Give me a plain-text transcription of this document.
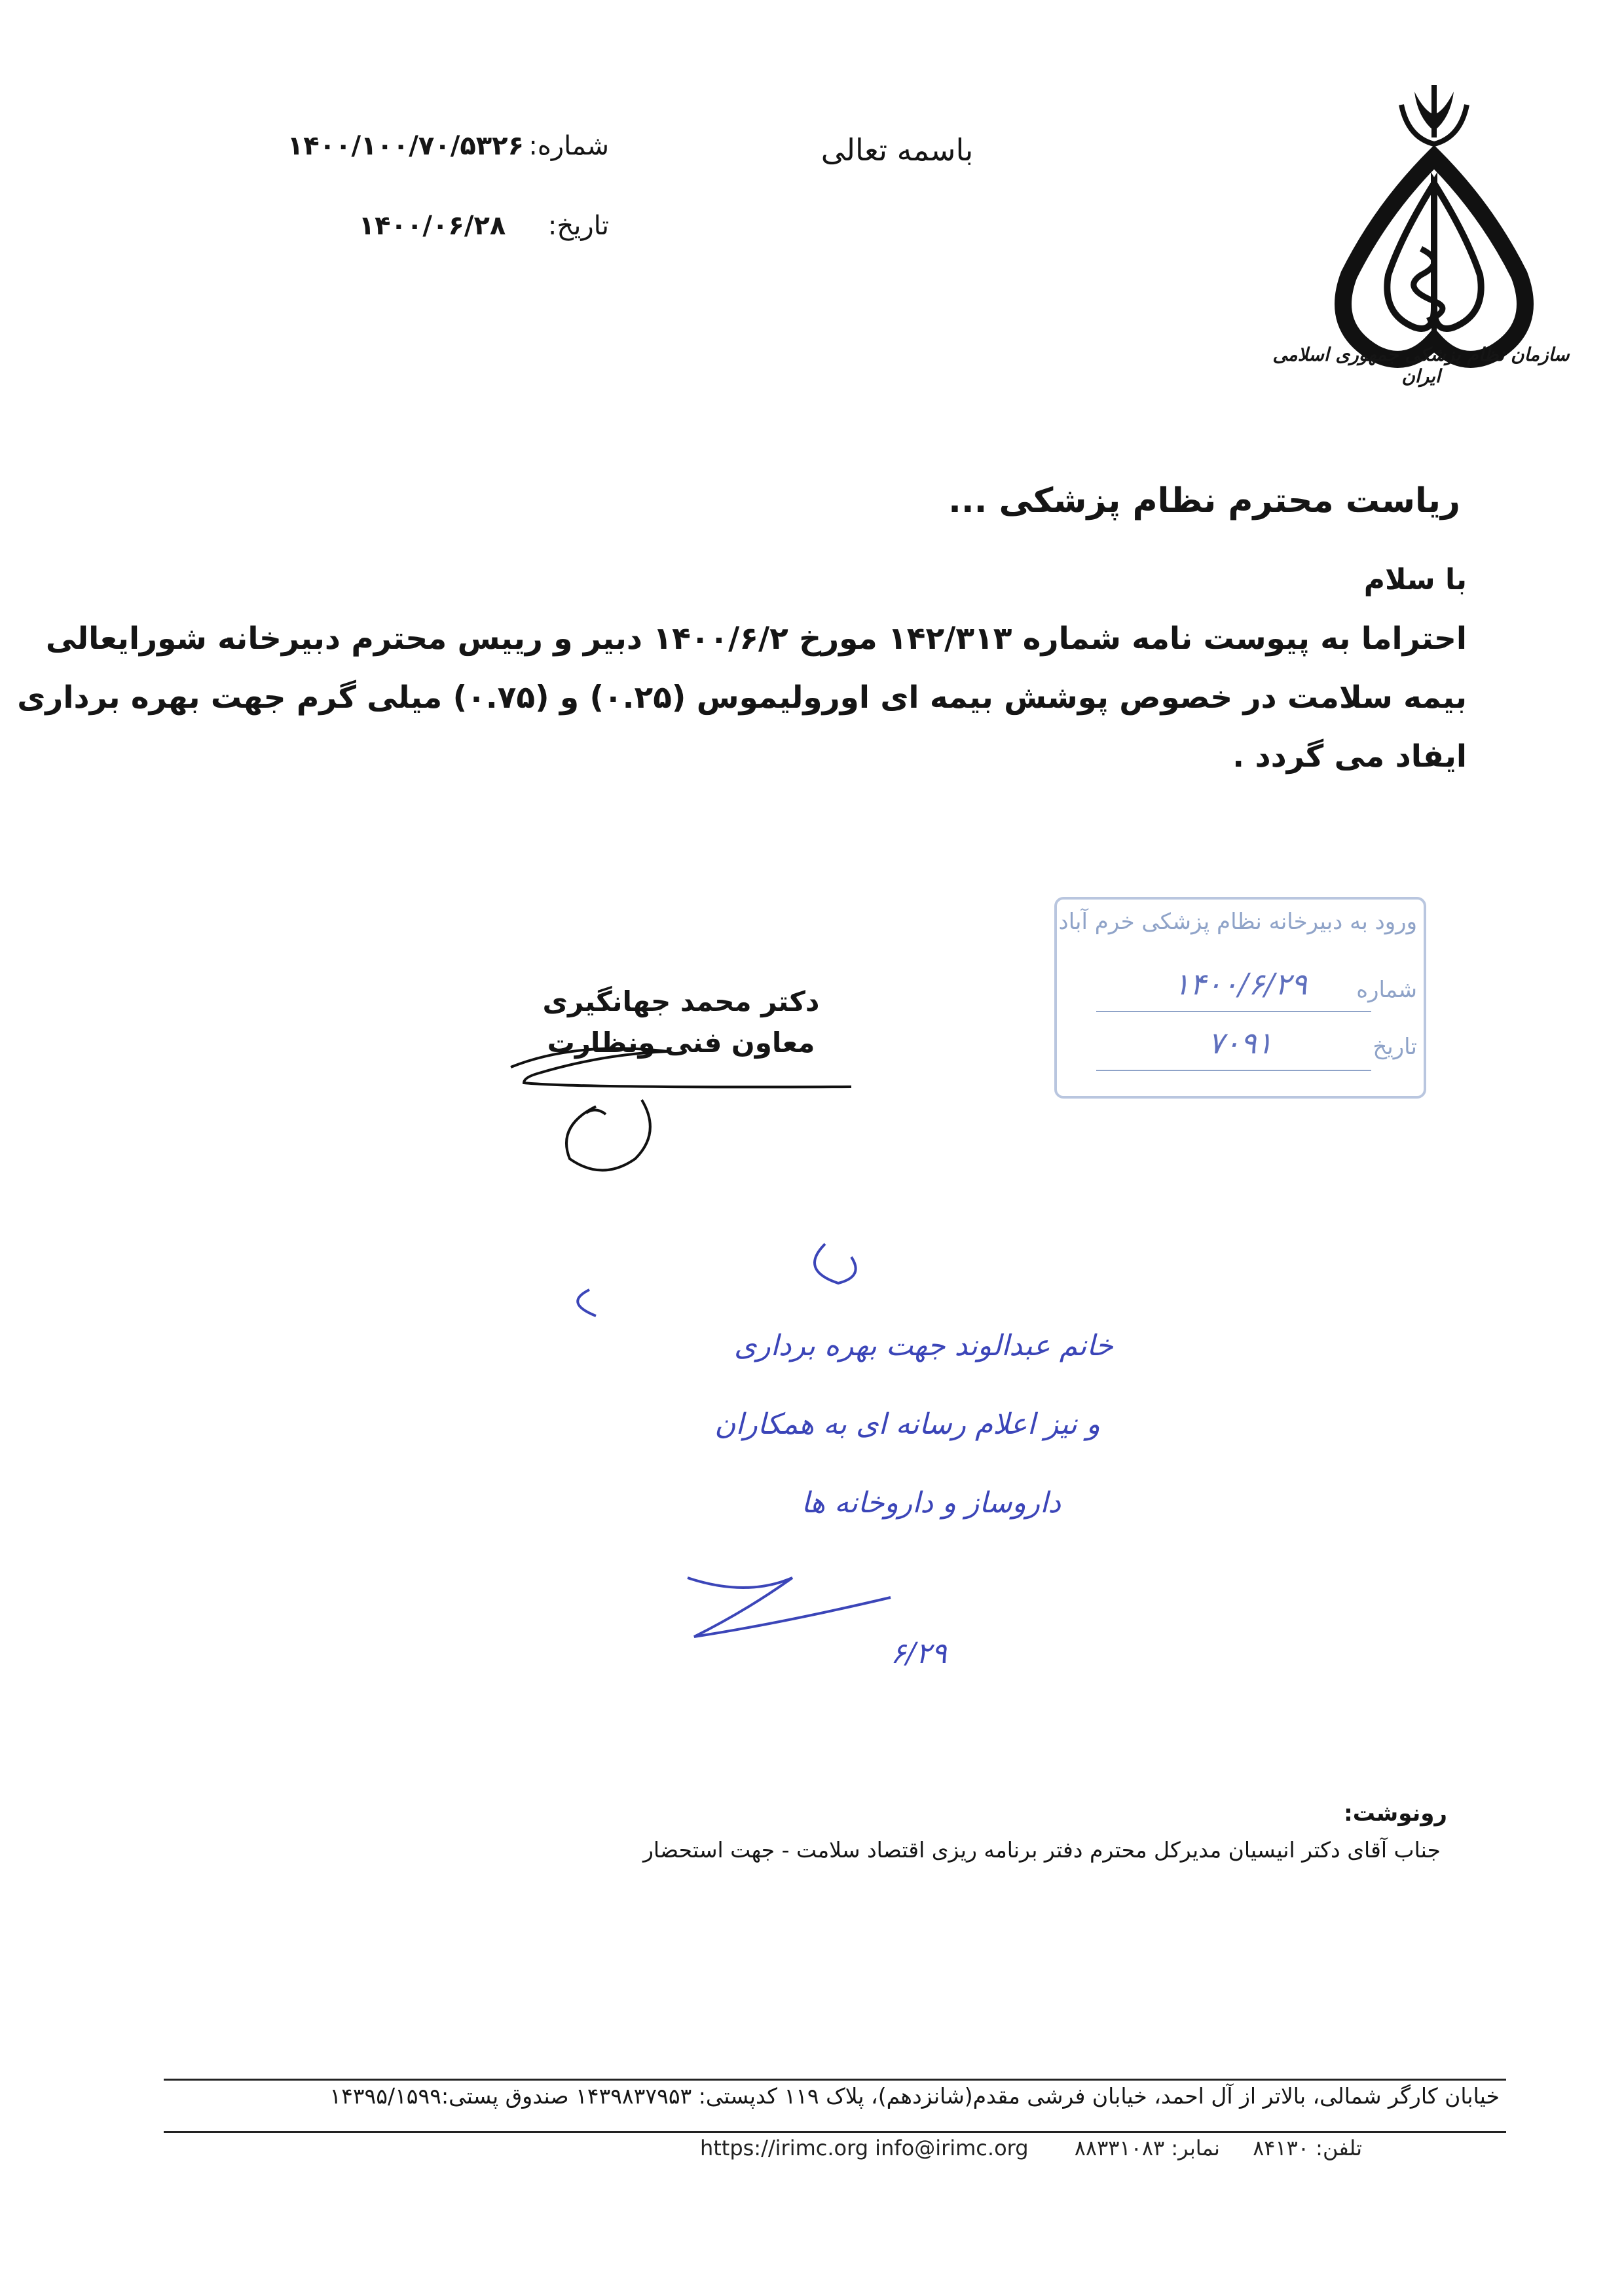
سازمان نظام پزشکی جمهوری اسلامی ایران
باسمه تعالی
شماره:
۱۴۰۰/۱۰۰/۷۰/۵۳۲۶
تاریخ:
۱۴۰۰/۰۶/۲۸
ریاست محترم نظام پزشکی ...
با سلام
احتراما به پیوست نامه شماره ۱۴۲/۳۱۳ مورخ ۱۴۰۰/۶/۲ دبیر و رییس محترم دبیرخانه شورایعالی
بیمه سلامت در خصوص پوشش بیمه ای اورولیموس (۰.۲۵) و (۰.۷۵) میلی گرم جهت بهره برداری
ایفاد می گردد .
ورود به دبیرخانه نظام پزشکی خرم آباد
شماره
۱۴۰۰/۶/۲۹
تاریخ
۷۰۹۱
دکتر محمد جهانگیری
معاون فنی ونظارت
خانم عبدالوند جهت بهره برداری
و نیز اعلام رسانه ای به همکاران
داروساز و داروخانه ها
۶/۲۹
رونوشت:
جناب آقای دکتر انیسیان مدیرکل محترم دفتر برنامه ریزی اقتصاد سلامت - جهت استحضار
خیابان کارگر شمالی، بالاتر از آل احمد، خیابان فرشی مقدم(شانزدهم)، پلاک ۱۱۹ کدپستی: ۱۴۳۹۸۳۷۹۵۳ صندوق پستی:۱۴۳۹۵/۱۵۹۹
تلفن: ۸۴۱۳۰ نمابر: ۸۸۳۳۱۰۸۳ https://irimc.org info@irimc.org
